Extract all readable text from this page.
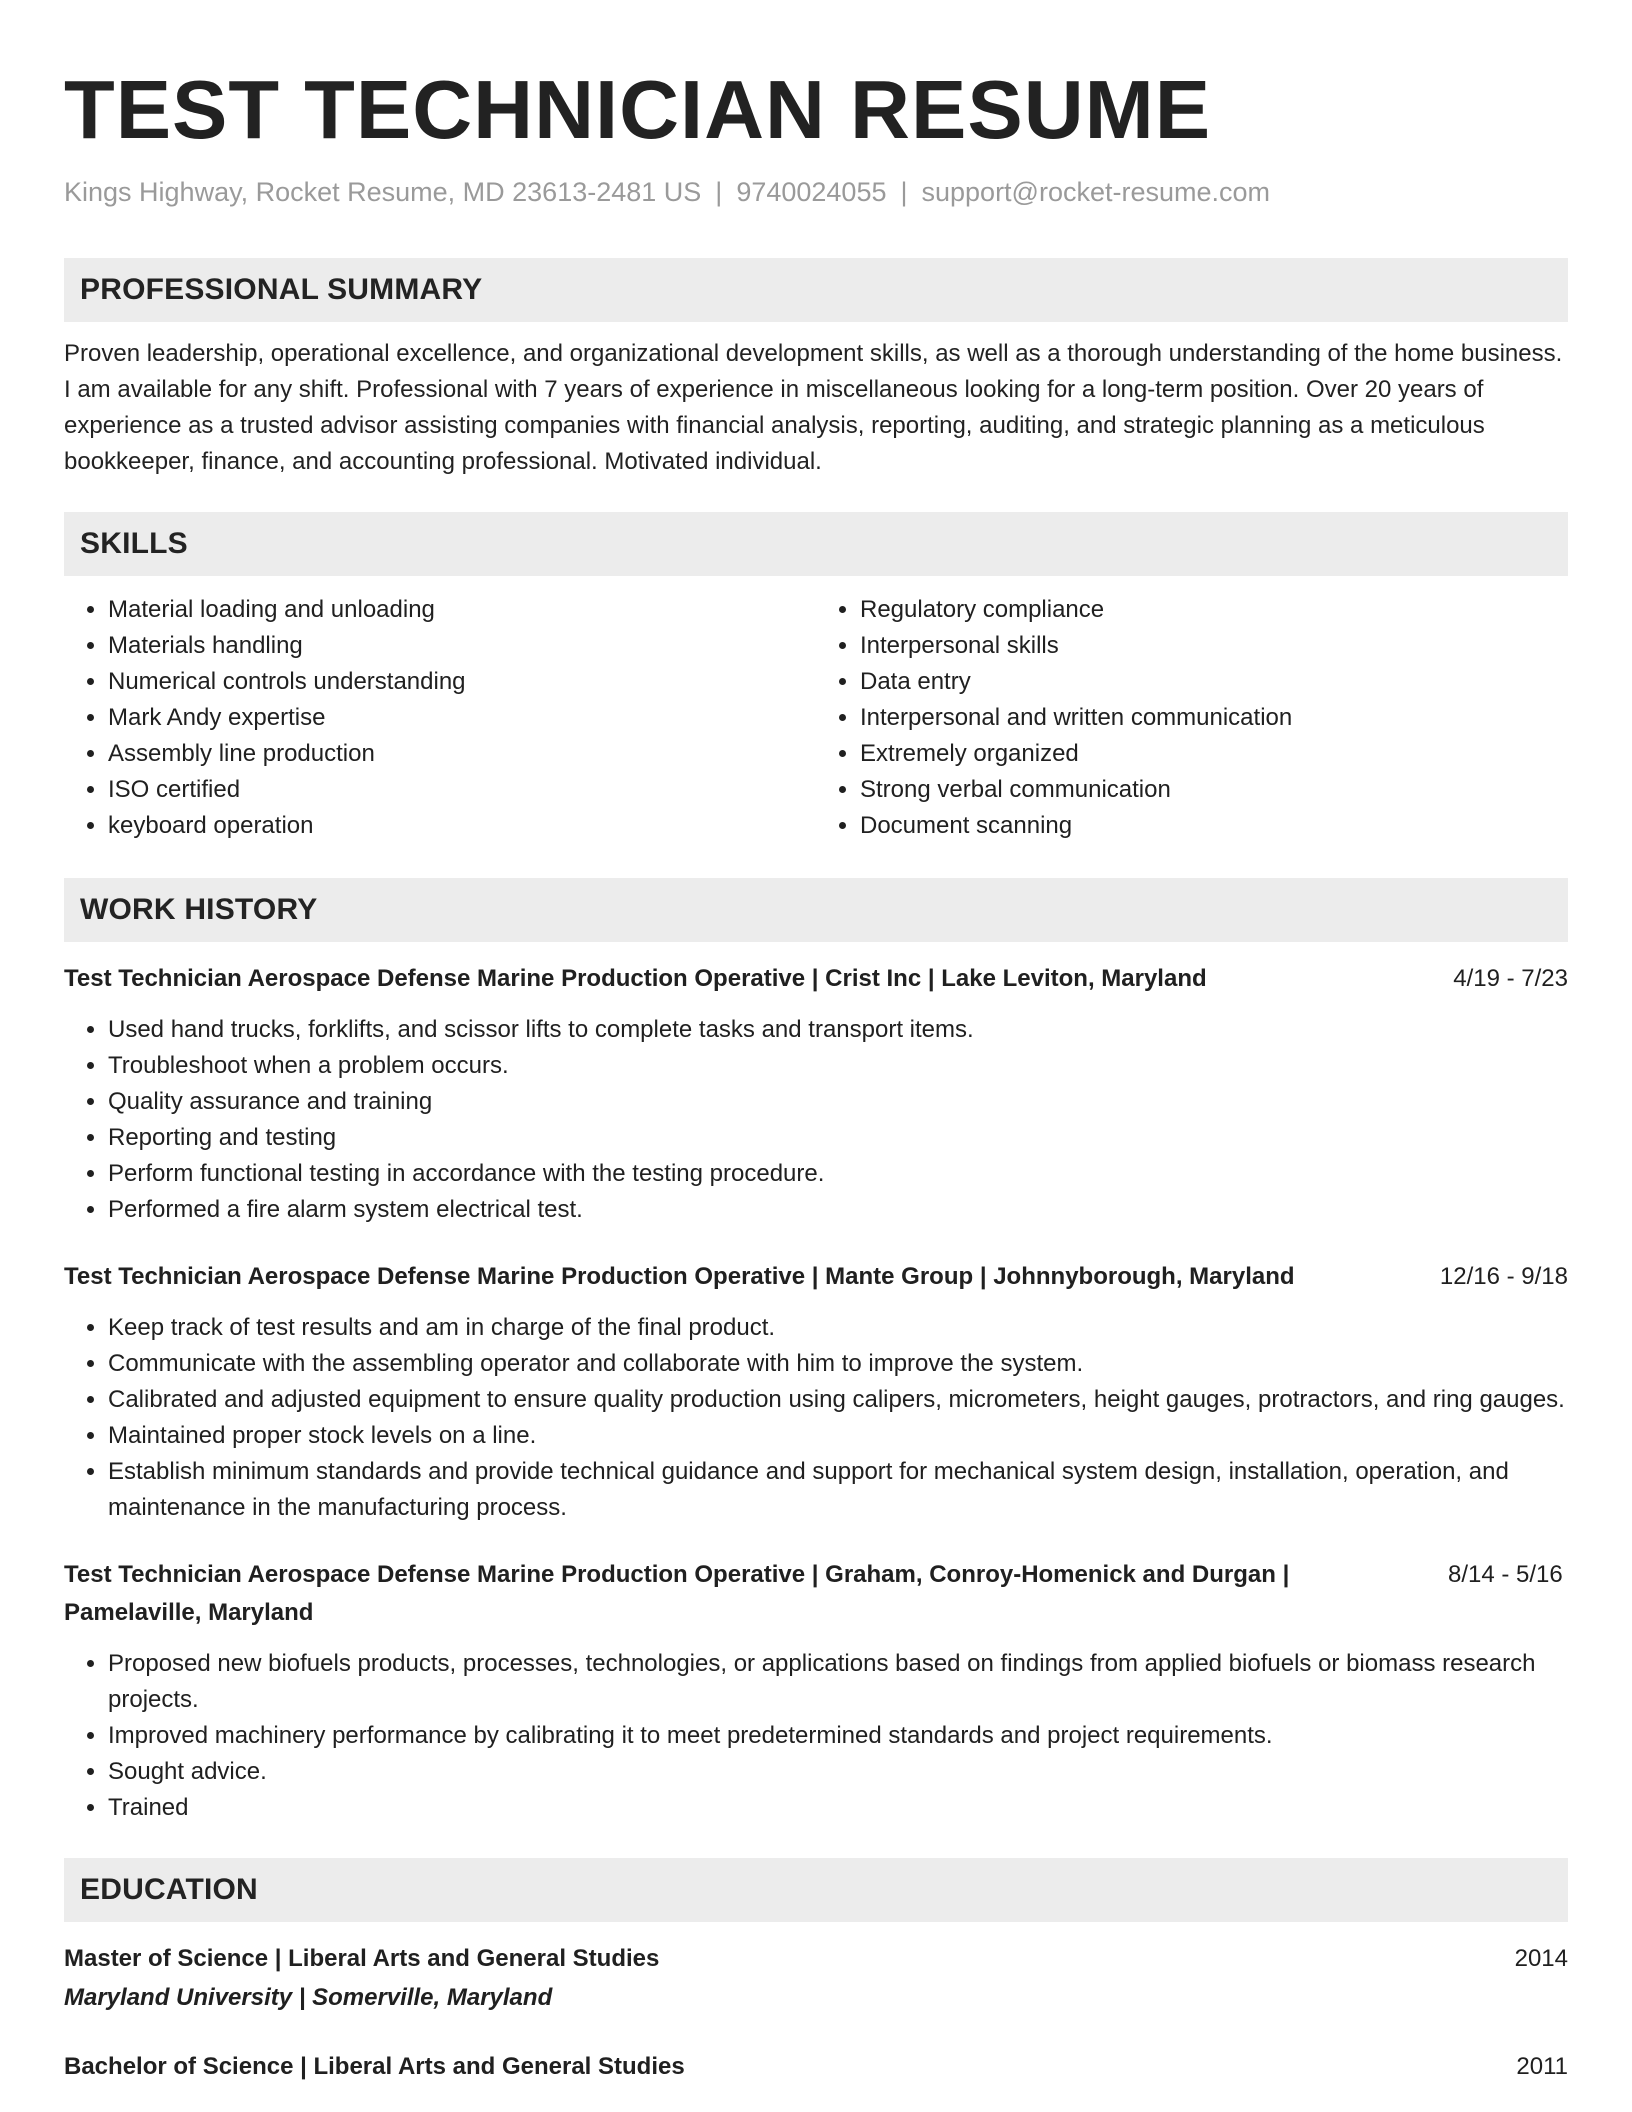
TEST TECHNICIAN RESUME
Kings Highway, Rocket Resume, MD 23613-2481 US | 9740024055 | support@rocket-resume.com
PROFESSIONAL SUMMARY

Proven leadership, operational excellence, and organizational development skills, as well as a thorough understanding of the home business. I am available for any shift. Professional with 7 years of experience in miscellaneous looking for a long-term position. Over 20 years of experience as a trusted advisor assisting companies with financial analysis, reporting, auditing, and strategic planning as a meticulous bookkeeper, finance, and accounting professional. Motivated individual.

SKILLS
• Material loading and unloading
• Materials handling
• Numerical controls understanding
• Mark Andy expertise
• Assembly line production
• ISO certified
• keyboard operation
• Regulatory compliance
• Interpersonal skills
• Data entry
• Interpersonal and written communication
• Extremely organized
• Strong verbal communication
• Document scanning
WORK HISTORY
Test Technician Aerospace Defense Marine Production Operative | Crist Inc | Lake Leviton, Maryland	4/19 - 7/23
• Used hand trucks, forklifts, and scissor lifts to complete tasks and transport items.
• Troubleshoot when a problem occurs.
• Quality assurance and training
• Reporting and testing
• Perform functional testing in accordance with the testing procedure.
• Performed a fire alarm system electrical test.
Test Technician Aerospace Defense Marine Production Operative | Mante Group | Johnnyborough, Maryland	12/16 - 9/18
• Keep track of test results and am in charge of the final product.
• Communicate with the assembling operator and collaborate with him to improve the system.
• Calibrated and adjusted equipment to ensure quality production using calipers, micrometers, height gauges, protractors, and ring gauges.
• Maintained proper stock levels on a line.
• Establish minimum standards and provide technical guidance and support for mechanical system design, installation, operation, and maintenance in the manufacturing process.
Test Technician Aerospace Defense Marine Production Operative | Graham, Conroy-Homenick and Durgan | Pamelaville, Maryland
8/14 - 5/16
• Proposed new biofuels products, processes, technologies, or applications based on findings from applied biofuels or biomass research projects.
• Improved machinery performance by calibrating it to meet predetermined standards and project requirements.
• Sought advice.
• Trained
EDUCATION
Master of Science | Liberal Arts and General Studies	2014
Maryland University | Somerville, Maryland
Bachelor of Science | Liberal Arts and General Studies	2011
